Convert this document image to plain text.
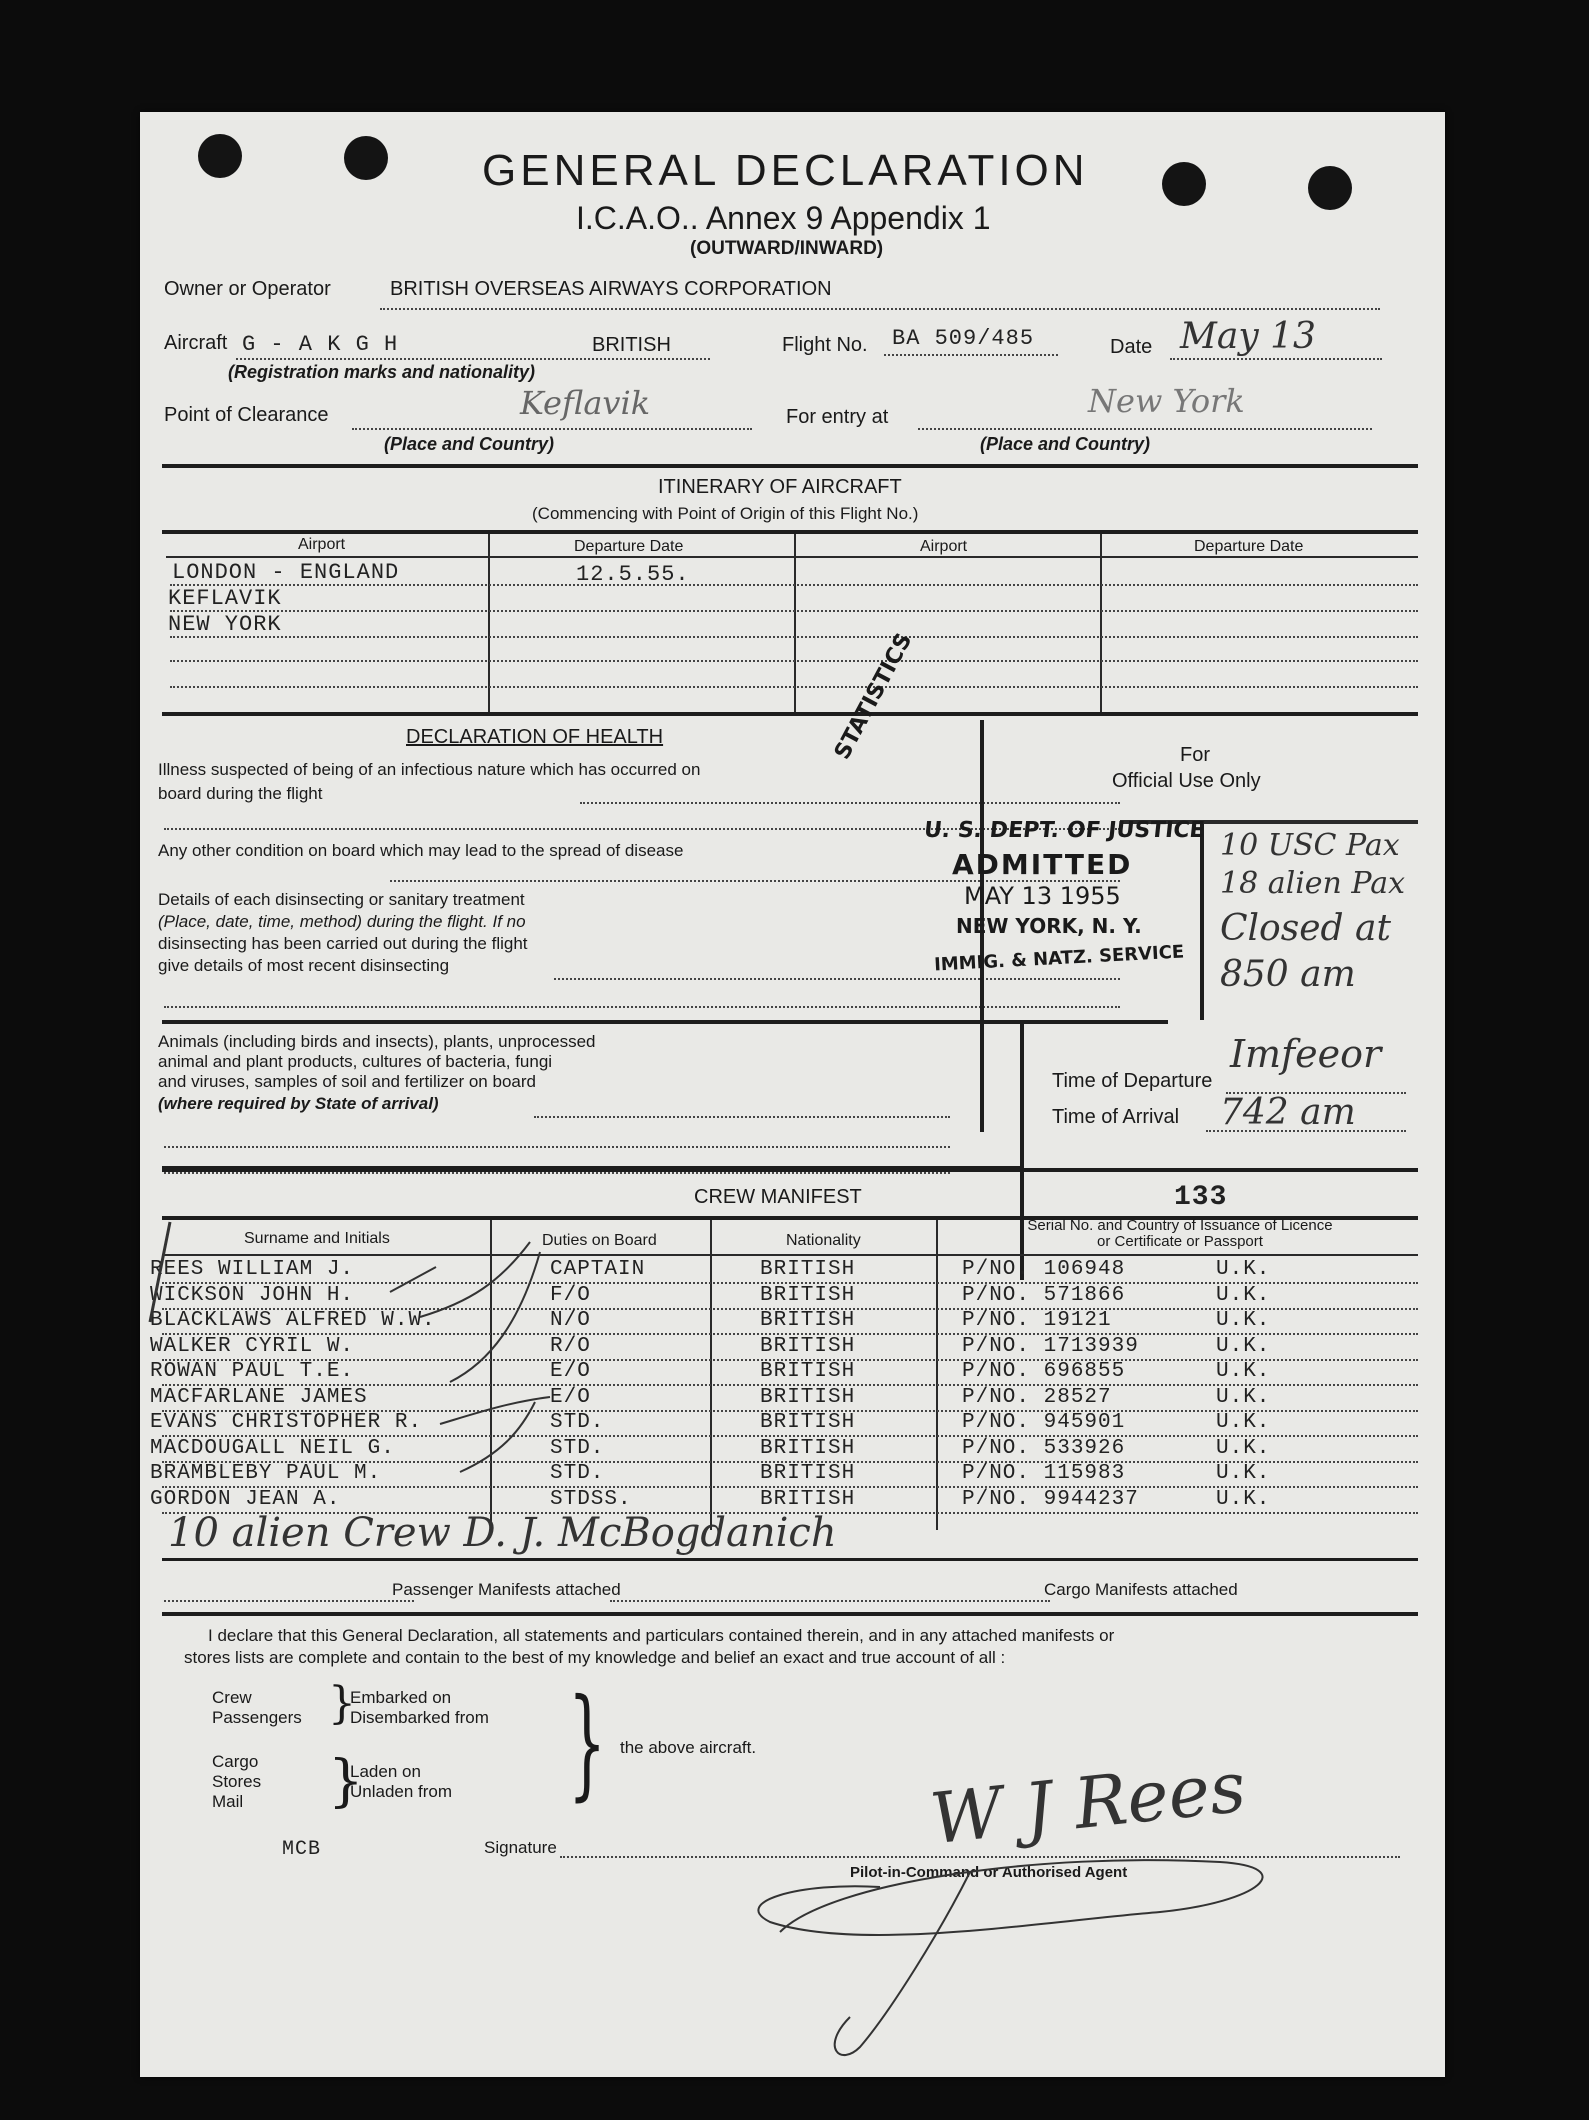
GENERAL DECLARATION
I.C.A.O.. Annex 9 Appendix 1
(OUTWARD/INWARD)
Owner or Operator	BRITISH OVERSEAS AIRWAYS CORPORATION
Aircraft G - A K G H	BRITISH
(Registration marks and nationality)
Flight No. BA 509/485	Date May 13
Point of Clearance	Keflavik
(Place and Country)
For entry at	New York
(Place and Country)
ITINERARY OF AIRCRAFT
(Commencing with Point of Origin of this Flight No.)
Airport	Departure Date	Airport	Departure Date
LONDON - ENGLAND	12.5.55.
KEFLAVIK
NEW YORK
DECLARATION OF HEALTH
Illness suspected of being of an infectious nature which has occurred on board during the flight
Any other condition on board which may lead to the spread of disease
Details of each disinsecting or sanitary treatment
(Place, date, time, method) during the flight. If no
disinsecting has been carried out during the flight
give details of most recent disinsecting
Animals (including birds and insects), plants, unprocessed
animal and plant products, cultures of bacteria, fungi
and viruses, samples of soil and fertilizer on board
(where required by State of arrival)
For
Official Use Only
10 USC Pax
18 alien Pax
Closed at
850 am
Time of Departure
Imfeeor
Time of Arrival 742 am
STATISTICS
U. S. DEPT. OF JUSTICE
ADMITTED
MAY 13 1955
NEW YORK, N. Y.
IMMIG. & NATZ. SERVICE
CREW MANIFEST	133
Surname and Initials	Duties on Board	Nationality
Serial No. and Country of Issuance of Licence or Certificate or Passport
REES WILLIAM J.	CAPTAIN	BRITISH	P/NO. 106948	U.K.
WICKSON JOHN H.	F/O	BRITISH	P/NO. 571866	U.K.
BLACKLAWS ALFRED W.W.	N/O	BRITISH	P/NO. 19121	U.K.
WALKER CYRIL W.	R/O	BRITISH	P/NO. 1713939	U.K.
ROWAN PAUL T.E.	E/O	BRITISH	P/NO. 696855	U.K.
MACFARLANE JAMES	E/O	BRITISH	P/NO. 28527	U.K.
EVANS CHRISTOPHER R.	STD.	BRITISH	P/NO. 945901	U.K.
MACDOUGALL NEIL G.	STD.	BRITISH	P/NO. 533926	U.K.
BRAMBLEBY PAUL M.	STD.	BRITISH	P/NO. 115983	U.K.
GORDON JEAN A.	STDSS.	BRITISH	P/NO. 9944237	U.K.
10 alien Crew D. J. McBogdanich
Passenger Manifests attached	Cargo Manifests attached
I declare that this General Declaration, all statements and particulars contained therein, and in any attached manifests or
stores lists are complete and contain to the best of my knowledge and belief an exact and true account of all :
Crew
Passengers }
Embarked on
Disembarked from
Cargo
Stores
Mail }
Laden on
Unladen from } the above aircraft.
MCB	Signature	W J Rees
Pilot-in-Command or Authorised Agent
